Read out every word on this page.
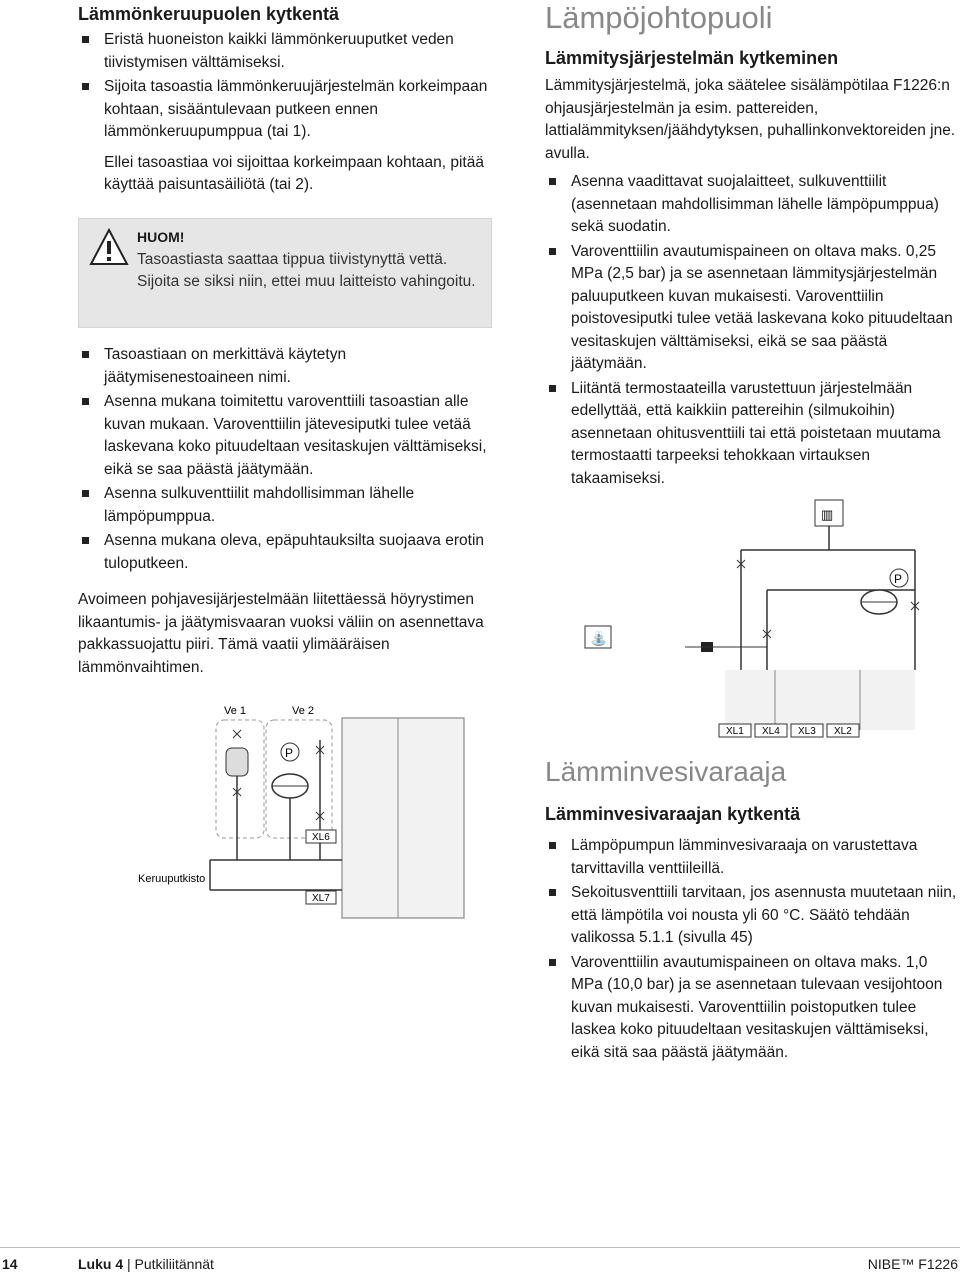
Lämmönkeruupuolen kytkentä
Eristä huoneiston kaikki lämmönkeruuputket veden tiivistymisen välttämiseksi.
Sijoita tasoastia lämmönkeruujärjestelmän korkeimpaan kohtaan, sisääntulevaan putkeen ennen lämmönkeruupumppua (tai 1).
Ellei tasoastiaa voi sijoittaa korkeimpaan kohtaan, pitää käyttää paisuntasäiliötä (tai 2).
HUOM!
Tasoastiasta saattaa tippua tiivistynyttä vettä. Sijoita se siksi niin, ettei muu laitteisto vahingoitu.
Tasoastiaan on merkittävä käytetyn jäätymisenestoaineen nimi.
Asenna mukana toimitettu varoventtiili tasoastian alle kuvan mukaan. Varoventtiilin jätevesiputki tulee vetää laskevana koko pituudeltaan vesitaskujen välttämiseksi, eikä se saa päästä jäätymään.
Asenna sulkuventtiilit mahdollisimman lähelle lämpöpumppua.
Asenna mukana oleva, epäpuhtauksilta suojaava erotin tuloputkeen.
Avoimeen pohjavesijärjestelmään liitettäessä höyrystimen likaantumis- ja jäätymisvaaran vuoksi väliin on asennettava pakkassuojattu piiri. Tämä vaatii ylimääräisen lämmönvaihtimen.
Ve 1	Ve 2
P
Keruuputkisto
XL6
XL7
Lämpöjohtopuoli
Lämmitysjärjestelmän kytkeminen
Lämmitysjärjestelmä, joka säätelee sisälämpötilaa F1226:n ohjausjärjestelmän ja esim. pattereiden, lattialämmityksen/jäähdytyksen, puhallinkonvektoreiden jne. avulla.
Asenna vaadittavat suojalaitteet, sulkuventtiilit (asennetaan mahdollisimman lähelle lämpöpumppua) sekä suodatin.
Varoventtiilin avautumispaineen on oltava maks. 0,25 MPa (2,5 bar) ja se asennetaan lämmitysjärjestelmän paluuputkeen kuvan mukaisesti. Varoventtiilin poistovesiputki tulee vetää laskevana koko pituudeltaan vesitaskujen välttämiseksi, eikä se saa päästä jäätymään.
Liitäntä termostaateilla varustettuun järjestelmään edellyttää, että kaikkiin pattereihin (silmukoihin) asennetaan ohitusventtiili tai että poistetaan muutama termostaatti tarpeeksi tehokkaan virtauksen takaamiseksi.
▥
P
⛲
XL1 XL4 XL3 XL2
Lämminvesivaraaja
Lämminvesivaraajan kytkentä
Lämpöpumpun lämminvesivaraaja on varustettava tarvittavilla venttiileillä.
Sekoitusventtiili tarvitaan, jos asennusta muutetaan niin, että lämpötila voi nousta yli 60 °C. Säätö tehdään valikossa 5.1.1 (sivulla 45)
Varoventtiilin avautumispaineen on oltava maks. 1,0 MPa (10,0 bar) ja se asennetaan tulevaan vesijohtoon kuvan mukaisesti. Varoventtiilin poistoputken tulee laskea koko pituudeltaan vesitaskujen välttämiseksi, eikä sitä saa päästä jäätymään.
14	Luku 4 | Putkiliitännät	NIBE™ F1226
